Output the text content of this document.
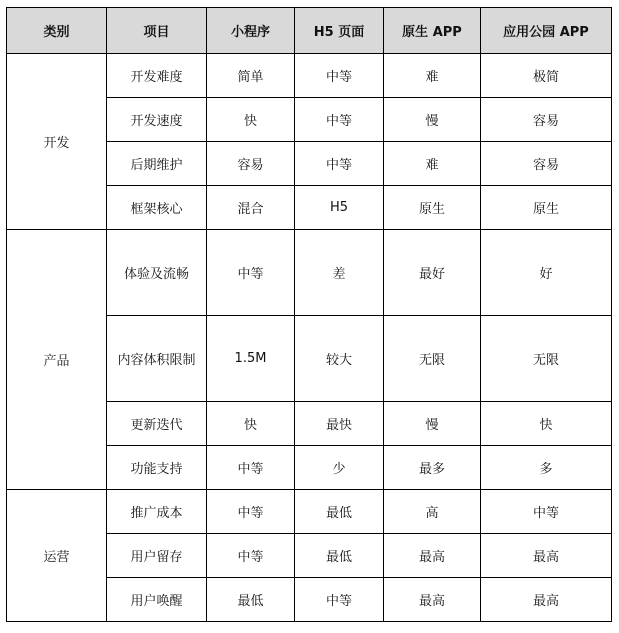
类别	项目	小程序	H5 页面	原生 APP	应用公园 APP
开发	开发难度	简单	中等	难	极简
	开发速度	快	中等	慢	容易
	后期维护	容易	中等	难	容易
	框架核心	混合	H5	原生	原生
产品	体验及流畅	中等	差	最好	好
	内容体积限制	1.5M	较大	无限	无限
	更新迭代	快	最快	慢	快
	功能支持	中等	少	最多	多
运营	推广成本	中等	最低	高	中等
	用户留存	中等	最低	最高	最高
	用户唤醒	最低	中等	最高	最高
